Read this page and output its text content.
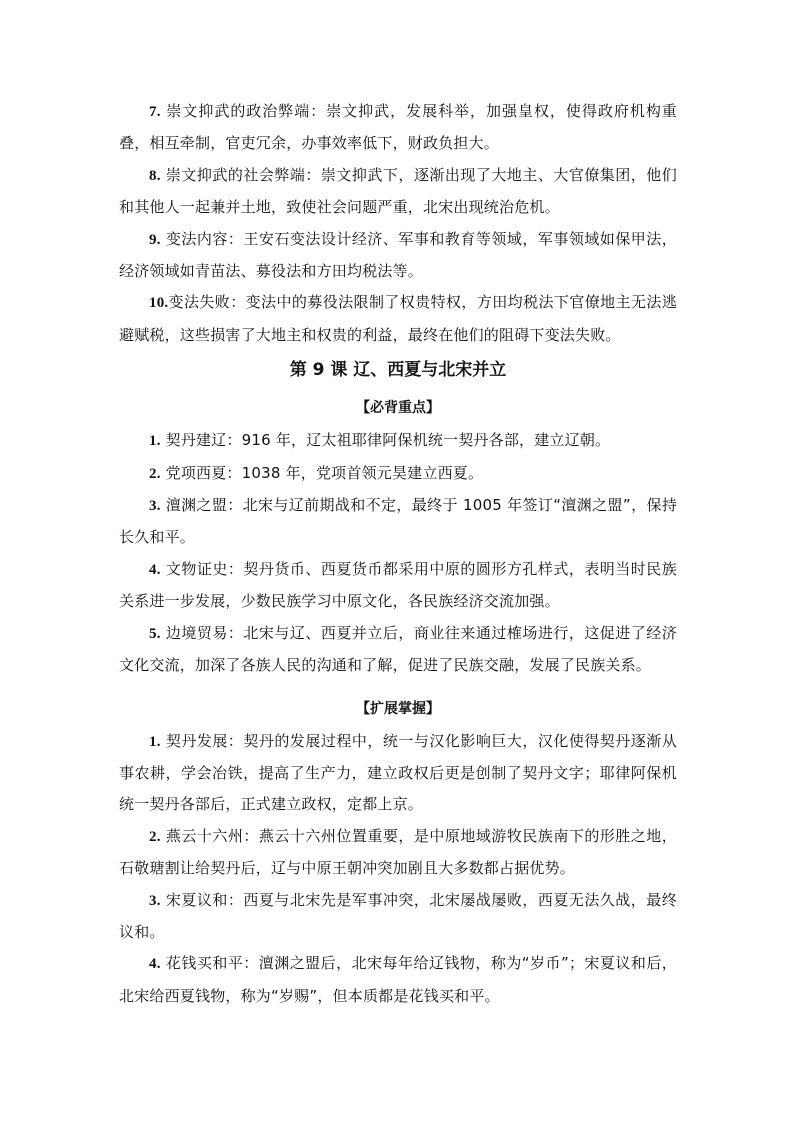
7. 崇文抑武的政治弊端：崇文抑武，发展科举，加强皇权，使得政府机构重叠，相互牵制，官吏冗余，办事效率低下，财政负担大。

8. 崇文抑武的社会弊端：崇文抑武下，逐渐出现了大地主、大官僚集团，他们和其他人一起兼并土地，致使社会问题严重，北宋出现统治危机。

9. 变法内容：王安石变法设计经济、军事和教育等领域，军事领域如保甲法，经济领域如青苗法、募役法和方田均税法等。

10.变法失败：变法中的募役法限制了权贵特权，方田均税法下官僚地主无法逃避赋税，这些损害了大地主和权贵的利益，最终在他们的阻碍下变法失败。

第 9 课 辽、西夏与北宋并立
【必背重点】

1. 契丹建辽：916 年，辽太祖耶律阿保机统一契丹各部，建立辽朝。

2. 党项西夏：1038 年，党项首领元昊建立西夏。

3. 澶渊之盟：北宋与辽前期战和不定，最终于 1005 年签订“澶渊之盟”，保持长久和平。

4. 文物证史：契丹货币、西夏货币都采用中原的圆形方孔样式，表明当时民族关系进一步发展，少数民族学习中原文化，各民族经济交流加强。

5. 边境贸易：北宋与辽、西夏并立后，商业往来通过榷场进行，这促进了经济文化交流，加深了各族人民的沟通和了解，促进了民族交融，发展了民族关系。

【扩展掌握】

1. 契丹发展：契丹的发展过程中，统一与汉化影响巨大，汉化使得契丹逐渐从事农耕，学会冶铁，提高了生产力，建立政权后更是创制了契丹文字；耶律阿保机统一契丹各部后，正式建立政权，定都上京。

2. 燕云十六州：燕云十六州位置重要，是中原地域游牧民族南下的形胜之地，石敬瑭割让给契丹后，辽与中原王朝冲突加剧且大多数都占据优势。

3. 宋夏议和：西夏与北宋先是军事冲突，北宋屡战屡败，西夏无法久战，最终议和。

4. 花钱买和平：澶渊之盟后，北宋每年给辽钱物，称为“岁币”；宋夏议和后，北宋给西夏钱物，称为“岁赐”，但本质都是花钱买和平。
